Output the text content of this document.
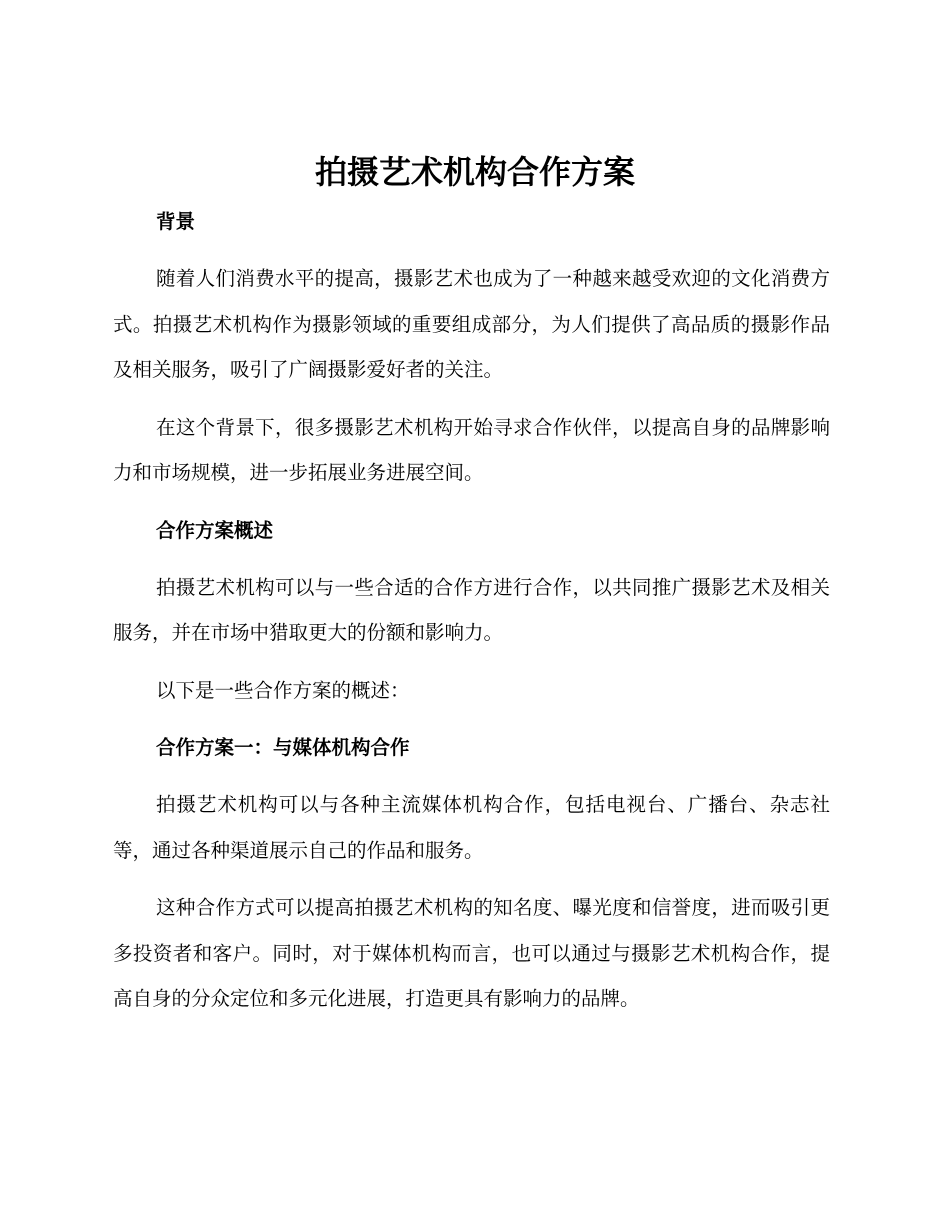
拍摄艺术机构合作方案

背景

随着人们消费水平的提高，摄影艺术也成为了一种越来越受欢迎的文化消费方式。拍摄艺术机构作为摄影领域的重要组成部分，为人们提供了高品质的摄影作品及相关服务，吸引了广阔摄影爱好者的关注。

在这个背景下，很多摄影艺术机构开始寻求合作伙伴，以提高自身的品牌影响力和市场规模，进一步拓展业务进展空间。

合作方案概述

拍摄艺术机构可以与一些合适的合作方进行合作，以共同推广摄影艺术及相关服务，并在市场中猎取更大的份额和影响力。

以下是一些合作方案的概述：

合作方案一：与媒体机构合作

拍摄艺术机构可以与各种主流媒体机构合作，包括电视台、广播台、杂志社等，通过各种渠道展示自己的作品和服务。

这种合作方式可以提高拍摄艺术机构的知名度、曝光度和信誉度，进而吸引更多投资者和客户。同时，对于媒体机构而言，也可以通过与摄影艺术机构合作，提高自身的分众定位和多元化进展，打造更具有影响力的品牌。
